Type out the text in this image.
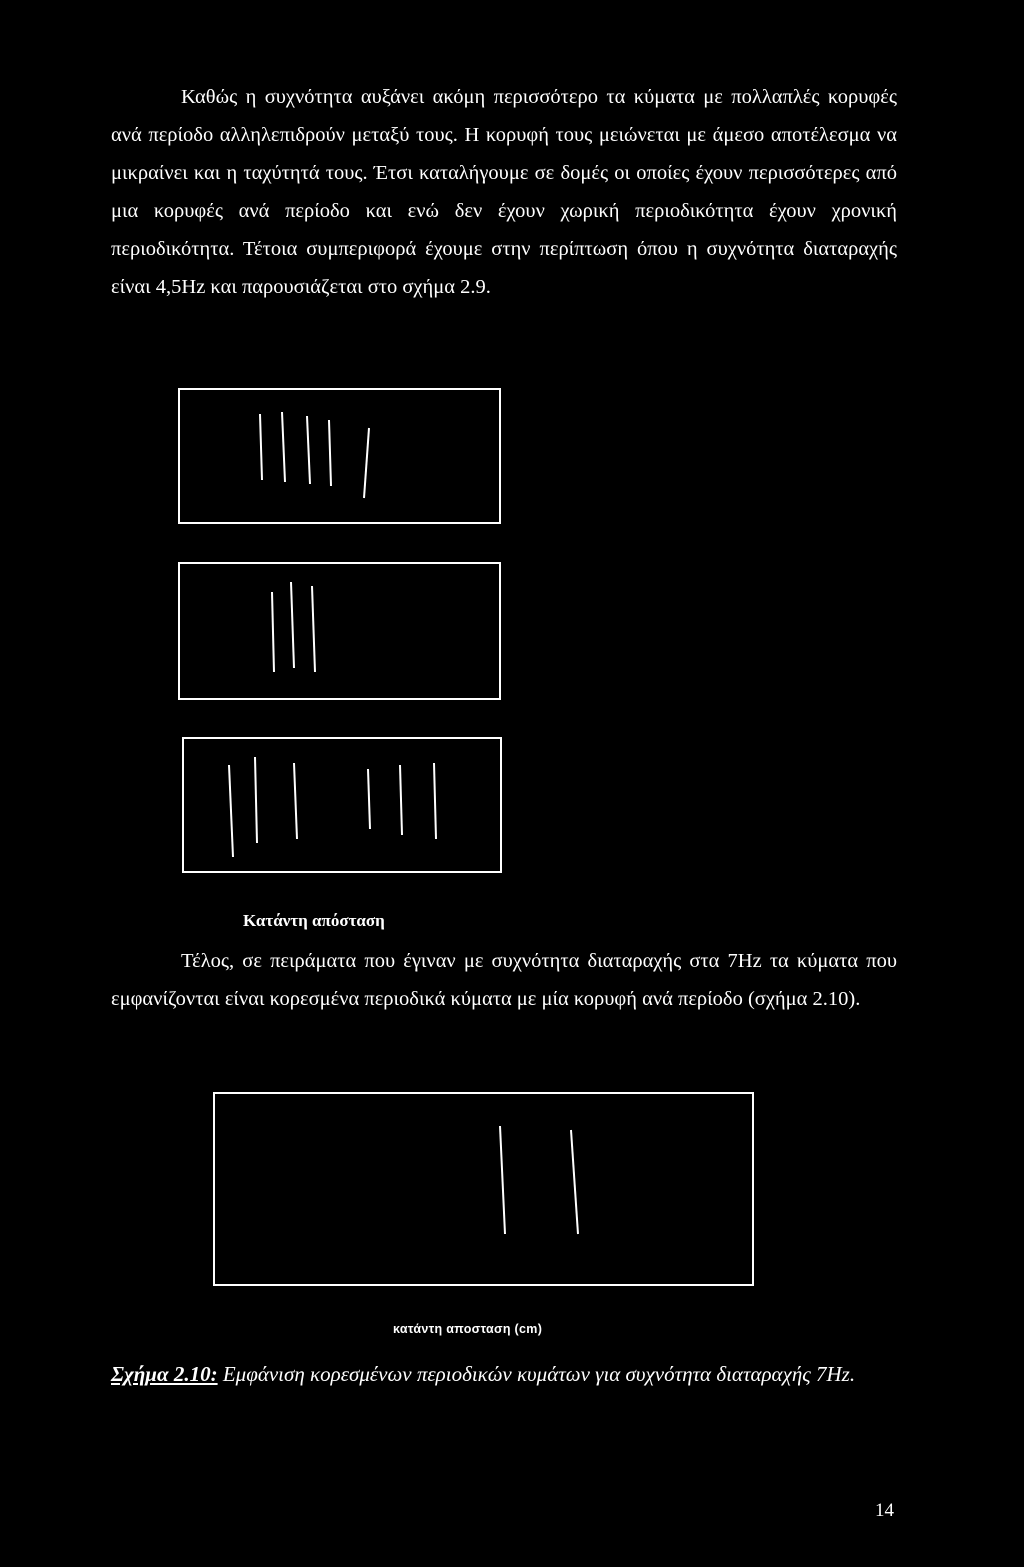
Καθώς η συχνότητα αυξάνει ακόμη περισσότερο τα κύματα με πολλαπλές κορυφές ανά περίοδο αλληλεπιδρούν μεταξύ τους. Η κορυφή τους μειώνεται με άμεσο αποτέλεσμα να μικραίνει και η ταχύτητά τους. Έτσι καταλήγουμε σε δομές οι οποίες έχουν περισσότερες από μια κορυφές ανά περίοδο και ενώ δεν έχουν χωρική περιοδικότητα έχουν χρονική περιοδικότητα. Τέτοια συμπεριφορά έχουμε στην περίπτωση όπου η συχνότητα διαταραχής είναι 4,5Hz και παρουσιάζεται στο σχήμα 2.9.

Κατάντη απόσταση

Τέλος, σε πειράματα που έγιναν με συχνότητα διαταραχής στα 7Hz τα κύματα που εμφανίζονται είναι κορεσμένα περιοδικά κύματα με μία κορυφή ανά περίοδο (σχήμα 2.10).

κατάντη αποσταση (cm)
Σχήμα 2.10: Εμφάνιση κορεσμένων περιοδικών κυμάτων για συχνότητα διαταραχής 7Hz.
14
